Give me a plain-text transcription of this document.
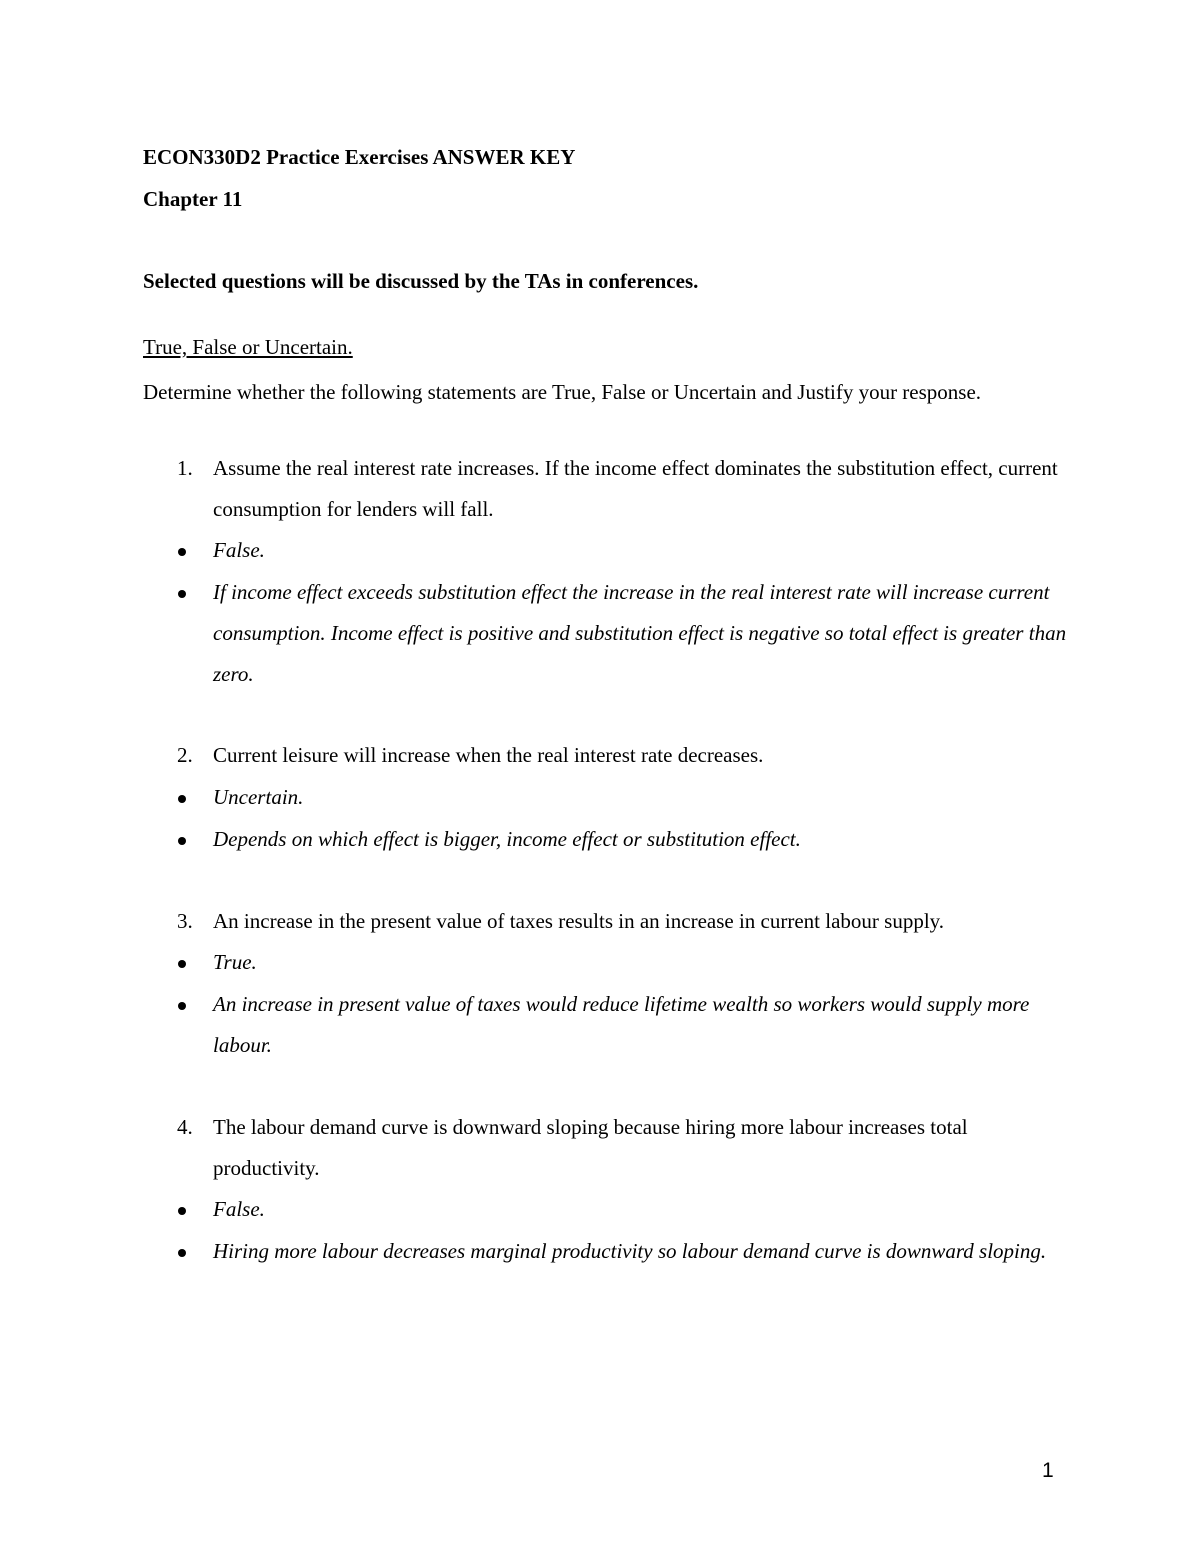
ECON330D2 Practice Exercises ANSWER KEY

Chapter 11

Selected questions will be discussed by the TAs in conferences.

True, False or Uncertain.

Determine whether the following statements are True, False or Uncertain and Justify your response.

1. Assume the real interest rate increases. If the income effect dominates the substitution effect, current consumption for lenders will fall.
False.
If income effect exceeds substitution effect the increase in the real interest rate will increase current consumption. Income effect is positive and substitution effect is negative so total effect is greater than zero.
2. Current leisure will increase when the real interest rate decreases.
Uncertain.
Depends on which effect is bigger, income effect or substitution effect.
3. An increase in the present value of taxes results in an increase in current labour supply.
True.
An increase in present value of taxes would reduce lifetime wealth so workers would supply more labour.
4. The labour demand curve is downward sloping because hiring more labour increases total productivity.
False.
Hiring more labour decreases marginal productivity so labour demand curve is downward sloping.
1
